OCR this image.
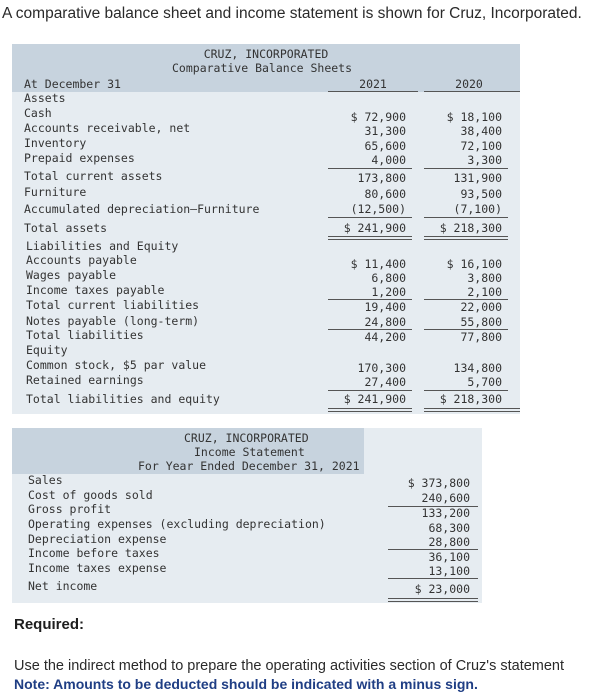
A comparative balance sheet and income statement is shown for Cruz, Incorporated.
CRUZ, INCORPORATED
Comparative Balance Sheets
At December 31	2021	2020
Assets
Cash	$ 72,900	$ 18,100
Accounts receivable, net	31,300	38,400
Inventory	65,600	72,100
Prepaid expenses	4,000	3,300
Total current assets	173,800	131,900
Furniture	80,600	93,500
Accumulated depreciation—Furniture	(12,500)	(7,100)
Total assets	$ 241,900	$ 218,300
Liabilities and Equity
Accounts payable	$ 11,400	$ 16,100
Wages payable	6,800	3,800
Income taxes payable	1,200	2,100
Total current liabilities	19,400	22,000
Notes payable (long-term)	24,800	55,800
Total liabilities	44,200	77,800
Equity
Common stock, $5 par value	170,300	134,800
Retained earnings	27,400	5,700
Total liabilities and equity	$ 241,900	$ 218,300
CRUZ, INCORPORATED
Income Statement
For Year Ended December 31, 2021
Sales	$ 373,800
Cost of goods sold	240,600
Gross profit	133,200
Operating expenses (excluding depreciation)	68,300
Depreciation expense	28,800
Income before taxes	36,100
Income taxes expense	13,100
Net income	$ 23,000
Required:
Use the indirect method to prepare the operating activities section of Cruz's statement
Note: Amounts to be deducted should be indicated with a minus sign.
